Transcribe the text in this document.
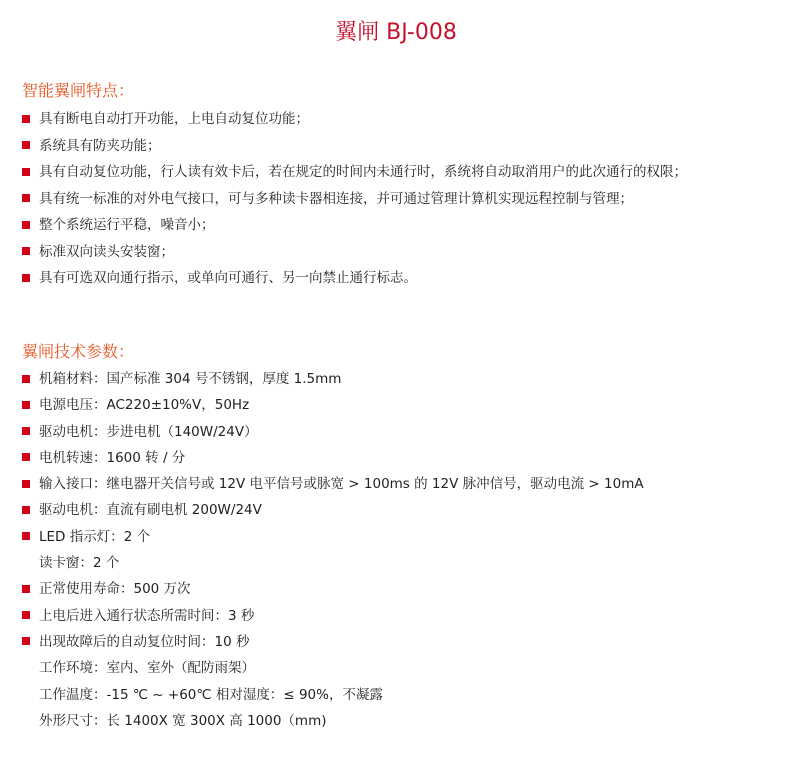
翼闸 BJ-008
智能翼闸特点：
具有断电自动打开功能，上电自动复位功能；
系统具有防夹功能；
具有自动复位功能，行人读有效卡后，若在规定的时间内未通行时，系统将自动取消用户的此次通行的权限；
具有统一标准的对外电气接口，可与多种读卡器相连接，并可通过管理计算机实现远程控制与管理；
整个系统运行平稳，噪音小；
标准双向读头安装窗；
具有可选双向通行指示，或单向可通行、另一向禁止通行标志。
翼闸技术参数：
机箱材料：国产标准 304 号不锈钢，厚度 1.5mm
电源电压：AC220±10%V，50Hz
驱动电机：步进电机（140W/24V）
电机转速：1600 转 / 分
输入接口：继电器开关信号或 12V 电平信号或脉宽 > 100ms 的 12V 脉冲信号，驱动电流 > 10mA
驱动电机：直流有刷电机 200W/24V
LED 指示灯：2 个
读卡窗：2 个
正常使用寿命：500 万次
上电后进入通行状态所需时间：3 秒
出现故障后的自动复位时间：10 秒
工作环境：室内、室外（配防雨架）
工作温度：-15 ℃ ~ +60℃ 相对湿度：≤ 90%，不凝露
外形尺寸：长 1400X 宽 300X 高 1000（mm)
